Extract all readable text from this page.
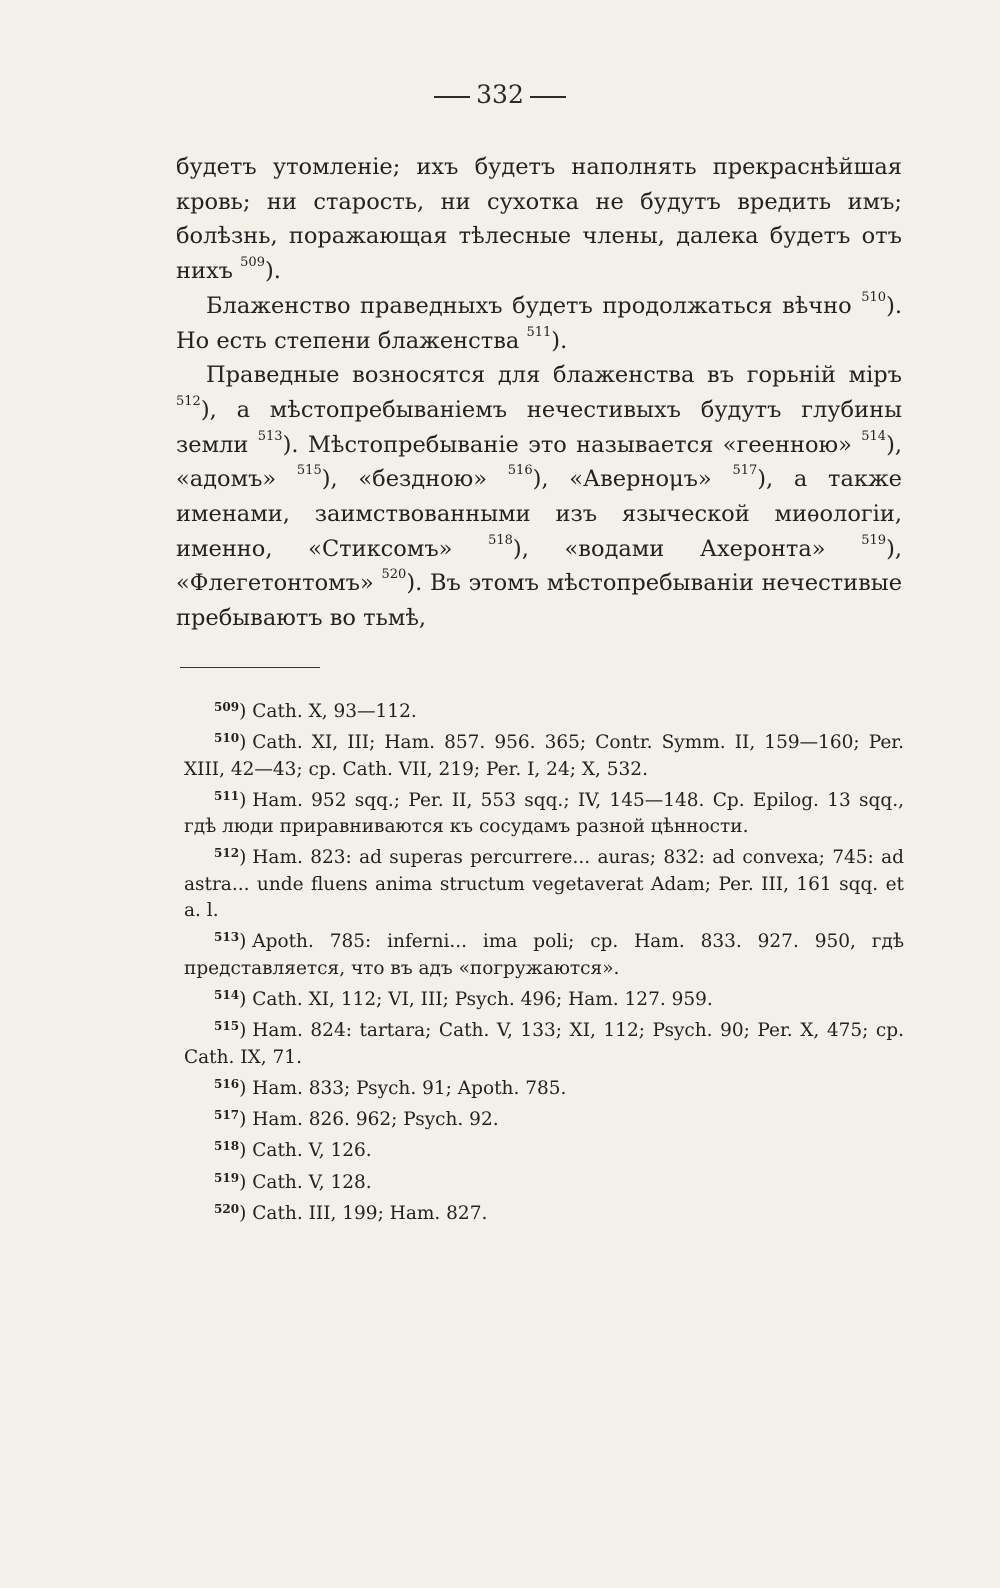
332

будетъ утомленіе; ихъ будетъ наполнять прекраснѣйшая кровь; ни старость, ни сухотка не будутъ вредить имъ; болѣзнь, поражающая тѣлесные члены, далека будетъ отъ нихъ $^{509}$).

Блаженство праведныхъ будетъ продолжаться вѣчно $^{510}$). Но есть степени блаженства $^{511}$).

Праведные возносятся для блаженства въ горьній міръ $^{512}$), а мѣстопребываніемъ нечестивыхъ будутъ глубины земли $^{513}$). Мѣстопребываніе это называется «геенною» $^{514}$), «адомъ» $^{515}$), «бездною» $^{516}$), «Авернομъ» $^{517}$), а также именами, заимствованными изъ языческой миѳологіи, именно, «Стиксомъ»	$^{518}$), «водами Ахеронта»	$^{519}$), «Флегетонтомъ» $^{520}$). Въ этомъ мѣстопребываніи нечестивые пребываютъ во тьмѣ,

$^{509}$) Cath. X, 93—112.

$^{510}$) Cath. XI, III; Ham. 857. 956. 365; Contr. Symm. II, 159—160; Per. XIII, 42—43; cp. Cath. VII, 219; Per. I, 24; X, 532.

$^{511}$) Ham. 952 sqq.; Per. II, 553 sqq.; IV, 145—148. Cp. Epilog. 13 sqq., гдѣ люди приравниваются къ сосудамъ разной цѣнности.

$^{512}$) Ham. 823: ad superas percurrere... auras; 832: ad convexa; 745: ad astra... unde fluens anima structum vegetaverat Adam; Per. III, 161 sqq. et a. l.

$^{513}$) Apoth. 785: inferni... ima poli; cp. Ham. 833. 927. 950, гдѣ представляется, что въ адъ «погружаются».

$^{514}$) Cath. XI, 112; VI, III; Psych. 496; Ham. 127. 959.

$^{515}$) Ham. 824: tartara; Cath. V, 133; XI, 112; Psych. 90; Per. X, 475; cp. Cath. IX, 71.

$^{516}$) Ham. 833; Psych. 91; Apoth. 785.

$^{517}$) Ham. 826. 962; Psych. 92.

$^{518}$) Cath. V, 126.

$^{519}$) Cath. V, 128.

$^{520}$) Cath. III, 199; Ham. 827.
